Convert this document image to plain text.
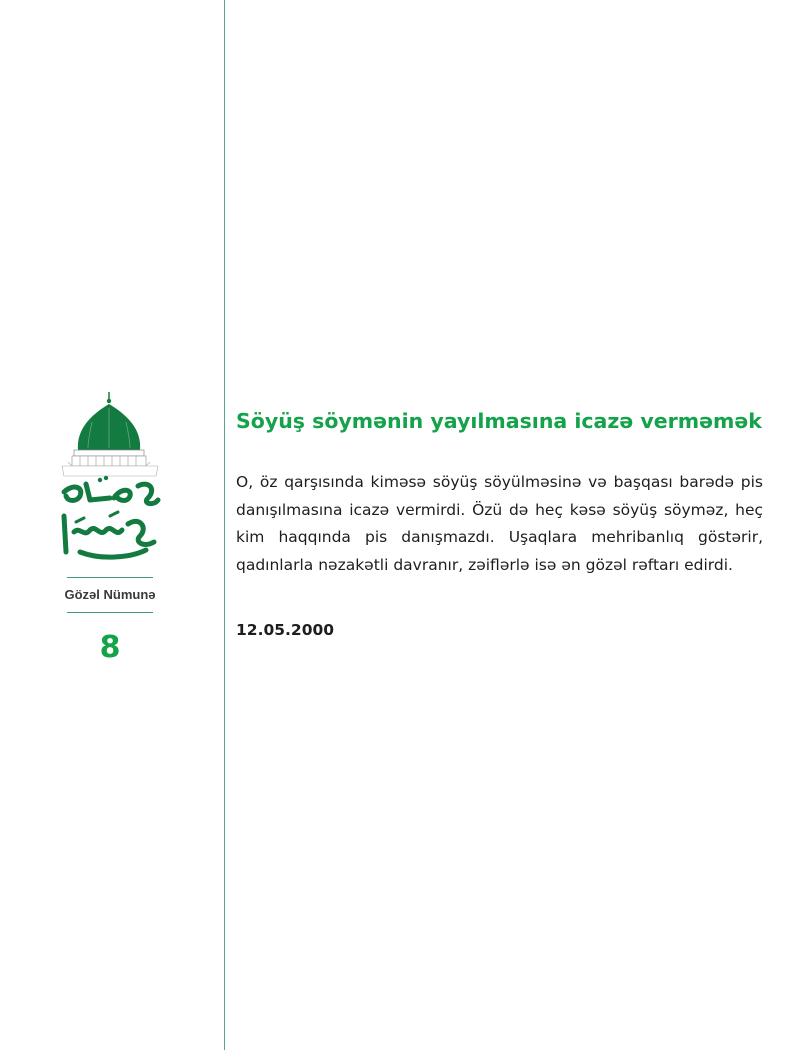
Gözəl Nümunə
8
Söyüş söymənin yayılmasına icazə verməmək

O, öz qarşısında kiməsə söyüş söyülməsinə və başqası barədə pis danışılmasına icazə vermirdi. Özü də heç kəsə söyüş söyməz, heç kim haqqında pis danışmazdı. Uşaqlara mehribanlıq göstərir, qadınlarla nəzakətli davranır, zəiflərlə isə ən gözəl rəftarı edirdi.

12.05.2000
